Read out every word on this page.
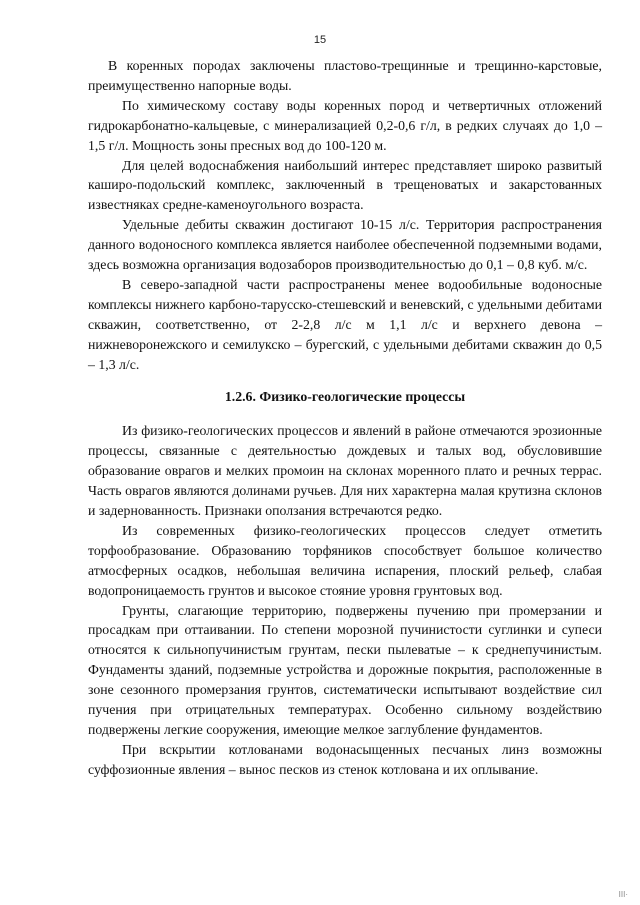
15

В коренных породах заключены пластово-трещинные и трещинно-карстовые, преимущественно напорные воды.

По химическому составу воды коренных пород и четвертичных отложений гидрокарбонатно-кальцевые, с минерализацией 0,2-0,6 г/л, в редких случаях до 1,0 – 1,5 г/л. Мощность зоны пресных вод до 100-120 м.

Для целей водоснабжения наибольший интерес представляет широко развитый каширо-подольский комплекс, заключенный в трещеноватых и закарстованных известняках средне-каменоугольного возраста.

Удельные дебиты скважин достигают 10-15 л/с. Территория распространения данного водоносного комплекса является наиболее обеспеченной подземными водами, здесь возможна организация водозаборов производительностью до 0,1 – 0,8 куб. м/с.

В северо-западной части распространены менее водообильные водоносные комплексы нижнего карбоно-тарусско-стешевский и веневский, с удельными дебитами скважин, соответственно, от 2-2,8 л/с м 1,1 л/с и верхнего девона – нижневоронежского и семилукско – бурегский, с удельными дебитами скважин до 0,5 – 1,3 л/с.

1.2.6. Физико-геологические процессы

Из физико-геологических процессов и явлений в районе отмечаются эрозионные процессы, связанные с деятельностью дождевых и талых вод, обусловившие образование оврагов и мелких промоин на склонах моренного плато и речных террас. Часть оврагов являются долинами ручьев. Для них характерна малая крутизна склонов и задернованность. Признаки оползания встречаются редко.

Из современных физико-геологических процессов следует отметить торфообразование. Образованию торфяников способствует большое количество атмосферных осадков, небольшая величина испарения, плоский рельеф, слабая водопроницаемость грунтов и высокое стояние уровня грунтовых вод.

Грунты, слагающие территорию, подвержены пучению при промерзании и просадкам при оттаивании. По степени морозной пучинистости суглинки и супеси относятся к сильнопучинистым грунтам, пески пылеватые – к среднепучинистым. Фундаменты зданий, подземные устройства и дорожные покрытия, расположенные в зоне сезонного промерзания грунтов, систематически испытывают воздействие сил пучения при отрицательных температурах. Особенно сильному воздействию подвержены легкие сооружения, имеющие мелкое заглубление фундаментов.

При вскрытии котлованами водонасыщенных песчаных линз возможны суффозионные явления – вынос песков из стенок котлована и их оплывание.

ΙΙΙ·
